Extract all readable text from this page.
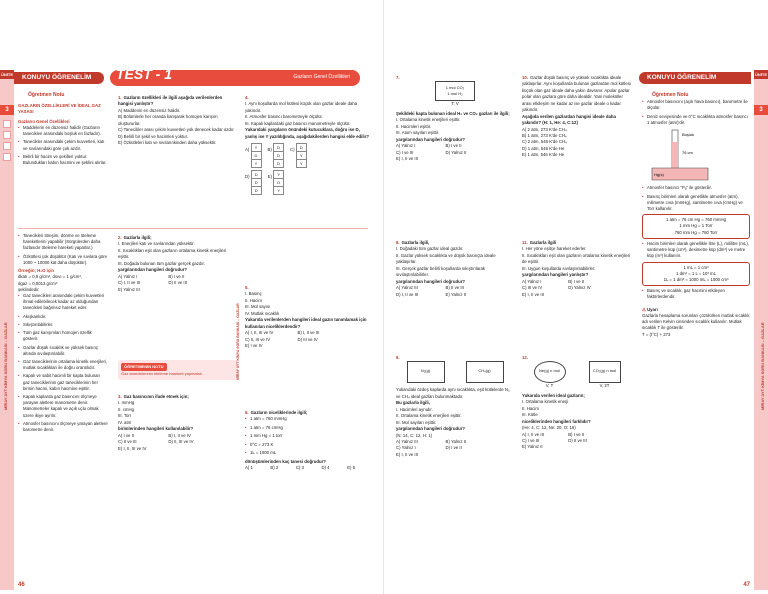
ÜNİTE
3
MİRAY AYT KİMYA SORU BANKASI – GAZLAR
KONUYU ÖĞRENELİM
Öğretmen Notu
GAZLARIN ÖZELLİKLERİ VE İDEAL GAZ YASASI
Gazların Genel Özellikleri
• Maddelerin en düzensiz halidir (Gazların tanecikleri arasındaki boşluk en fazladır).
• Tanecikler arasındaki çekim kuvvetleri, katı ve sıvılarındaki göre çok azdır.
• Belirli bir hacim ve şekilleri yoktur. Bulundukları kabın hacmini ve şeklini alırlar.
• Tanecikleri titreşim, dönme ve öteleme hareketlerini yapabilir (Sürgülerden daha fazlasıdır öteleme hareketi yaparlar.)
• Özkütlesi çok düşüktür (Katı ve sıvılara göre 1000 ~ 10000 kat daha düşüktür).
Örneğin; H₂O için
dkatı = 0,9 g/cm³, dsıvı = 1 g/cm³,
dgaz = 0,0013 g/cm³
şeklindedir.
• Gaz tanecikleri arasındaki çekim kuvvetleri ihmal edilebilecek kadar az olduğundan tanecikleri bağımsız hareket eder.
• Akışkanlıdır.
• Sıkıştırılabilirler.
• Tüm gaz karışımları homojen özellik gösterir.
• Gazlar düşük sıcaklık ve yüksek basınç altında sıvılaştırılabilir.
• Gaz taneciklerinin ortalama kinetik enerjileri, mutlak sıcaklıkları ile doğru orantılıdır.
• Kapalı ve sabit hacimli bir kapta bulunan gaz taneciklerinin gaz taneciklerinin her birinin hacmi, kabın hacmine eşittir.
• Kapalı kaplarda gaz basıncını ölçmeye yarayan aletlere manometre denir. Manometreler kapalı ve açık uçlu olmak üzere ikiye ayrılır.
• Atmosfer basıncını ölçmeye yarayan aletlere barometre denir.
TEST - 1	Gazların Genel Özellikleri
1. Gazların özellikleri ile ilgili aşağıda verilenlerden hangisi yanlıştır?
A) Maddenin en düzensiz halidir.
B) Bölümlerle her oranda karışarak homojen karışım oluştururlar.
C) Tanecikler arası çekim kuvvetleri yok denecek kadar azdır.
D) Belirli bir şekil ve hacimleri yoktur.
E) Özkütleleri katı ve sıvılarınkinden daha yüksektir.
2. Gazlarla ilgili;
I. Enerjileri katı ve sıvılarından yüksektir.
II. Sıcaklıkları eşit olan gazların ortalama kinetik enerjileri eşittir.
III. Doğada bulunan tüm gazlar gerçek gazdır.
yargılarından hangileri doğrudur?
A) Yalnız I	B) I ve II
C) I, II ve III	D) II ve III
E) Yalnız III
ÖĞRETMENİN NOTU
Gaz taneciklerinin öteleme hareketi yapmaları
3. Gaz basıncının ifade etmek için;
I. mmHg
II. cmHg
III. Torr
IV. atm
birimlerinden hangileri kullanılabilir?
A) I ve II	B) I, II ve IV
C) II ve III	D) II, III ve IV
E) I, II, III ve IV
4.
I. Aynı koşullarda mol kütlesi küçük olan gazlar ideale daha yakındır.
II. Atmosfer basıncı barometreyle ölçülür.
III. Kapalı kaplardaki gaz basıncı manometreyle ölçülür.
Yukarıdaki yargıların önündeki kutucuklara, doğru ise D, yanlış ise Y yazıldığında, aşağıdakilerden hangisi elde edilir?
A) Y
D
Y
B) D
D
D
C) D
Y
Y
D) D
D
D
E) Y
D
Y
5.
I. Basınç
II. Hacim
III. Mol sayısı
IV. Mutlak sıcaklık
Yukarıda verilenlerden hangileri ideal gazın tanımlamak için kullanılan niceliklerdendir?
A) I, II, III ve IV	B) I, II ve III
C) II, III ve IV	D) III ve IV
E) I ve IV
6. Gazların niceliklerinde ilgili;
• 1 atm = 760 mmHg
• 1 atm = 76 cmHg
• 1 mm Hg = 1 torr
• 0°C = 273 K
• 1L = 1000 mL
dönüşümlerinden kaç tanesi doğrudur?
A) 1	B) 2	C) 3	D) 4	E) 5
MİRAY AYT KİMYA SORU BANKASI – GAZLAR
46
ÜNİTE
3
MİRAY AYT KİMYA SORU BANKASI – GAZLAR
7.
1 mol CO₂
1 mol H₂
T, V
Şekildeki kapta bulunan ideal H₂ ve CO₂ gazları ile ilgili;
I. Ortalama kinetik enerjileri eşittir.
II. Hacimleri eşittir.
III. Atom sayıları eşittir.
yargılarından hangileri doğrudur?
A) Yalnız I	B) I ve II
C) I ve III	D) Yalnız II
E) I, II ve III
8. Gazlarla ilgili,
I. Doğadaki tüm gazlar ideal gazdır.
II. Gazlar yüksek sıcaklıkta ve düşük basınçta ideale yaklaşırlar.
III. Gerçek gazlar belirli koşullarda sıkıştırılarak sıvılaştırılabilirler.
yargılarından hangileri doğrudur?
A) Yalnız III	B) II ve III
D) I, II ve III	E) Yalnız II
9.
N₂(g)	CH₄(g)
Yukarıdaki özdeş kaplarda aynı sıcaklıkta, eşit kütlelerde N₂ ve CH₄ ideal gazları bulunmaktadır.
Bu gazlarla ilgili,
I. Hacimleri aynıdır.
II. Ortalama kinetik enerjileri eşittir.
III. Mol sayıları eşittir.
yargılarından hangileri doğrudur?
(N: 14, C: 12, H: 1)
A) Yalnız III	B) Yalnız II
C) Yalnız I	D) I ve II
E) I, II ve III
10. Gazlar düşük basınç ve yüksek sıcaklıkta ideale yaklaşırlar. Aynı koşullarda bulunan gazlardan mol kütlesi küçük olan gaz ideale daha yakın davranır. Apolar gazlar polar olan gazlara göre daha idealdir. Yani moleküller arası etkileşim ne kadar az ise gazlar ideale o kadar yakındır.
Aşağıda verilen gazlardan hangisi ideale daha yakındır? (H: 1, He: 4, C:12)
A) 2 atm, 273 K'de CH₄
B) 1 atm, 273 K'de CH₄
C) 2 atm, 546 K'de CH₄
D) 1 atm, 546 K'de He
E) 1 atm, 546 K'de He
11. Gazlarla ilgili
I. Her yöne eşitçe hareket ederler.
II. Sıcaklıkları eşit olan gazların ortalama kinetik enerjileri de eşittir.
III. Uygun koşullarda sıvılaştırılabilirler.
yargılarından hangileri yanlıştır?
A) Yalnız I	B) I ve II
C) III ve IV	D) Yalnız IV
E) I, II ve III
12.
Ne(g) n mol
V, T
CO₂(g) n mol
V, 2T
Yukarıda verilen ideal gazların;
I. Ortalama kinetik enerji
II. Hacim
III. Kütle
niceliklerinden hangileri farklıdır?
(He: 4, C: 12, Ne: 20, O: 16)
A) I, II ve III	B) I ve II
C) I ve III	D) II ve III
E) Yalnız II
KONUYU ÖĞRENELİM
Öğretmen Notu
• Atmosfer basıncını (açık hava basıncı), barometre ile ölçülür.
• Deniz seviyesinde ve 0°C sıcaklıkta atmosfer basıncı 1 atmosfer (atm)'dir.
Boşluk
76 cm
Hg(s)
• Atmosfer basıncı "Pₐ" ile gösterilir.
• Basınç birimleri olarak genellikle atmosfer (atm), milimetre cıva (mmHg), santimetre cıva (cmHg) ve Torr kullanılır.
1 atm = 76 cm Hg = 760 mmHg
1 mm Hg = 1 Torr
760 mm Hg = 760 Torr
• Hacim birimleri olarak genellikle litre (L), mililitre (mL), santimetre küp (cm³), desimetre küp (dm³) ve metre küp (m³) kullanılır.
1 mL = 1 cm³
1 dm³ = 1 L = 10³ mL
1L = 1 dm³ = 1000 mL = 1000 cm³
• Basınç ve sıcaklık, gaz hacmini etkileyen faktörlerdendir.
⚠ Uyarı
Gazlarla hesaplama sorunları çözülürken mutlak sıcaklık adı verilen Kelvin cinsinden sıcaklık kullanılır. Mutlak sıcaklık T ile gösterilir.
T = (t°C) + 273
47
